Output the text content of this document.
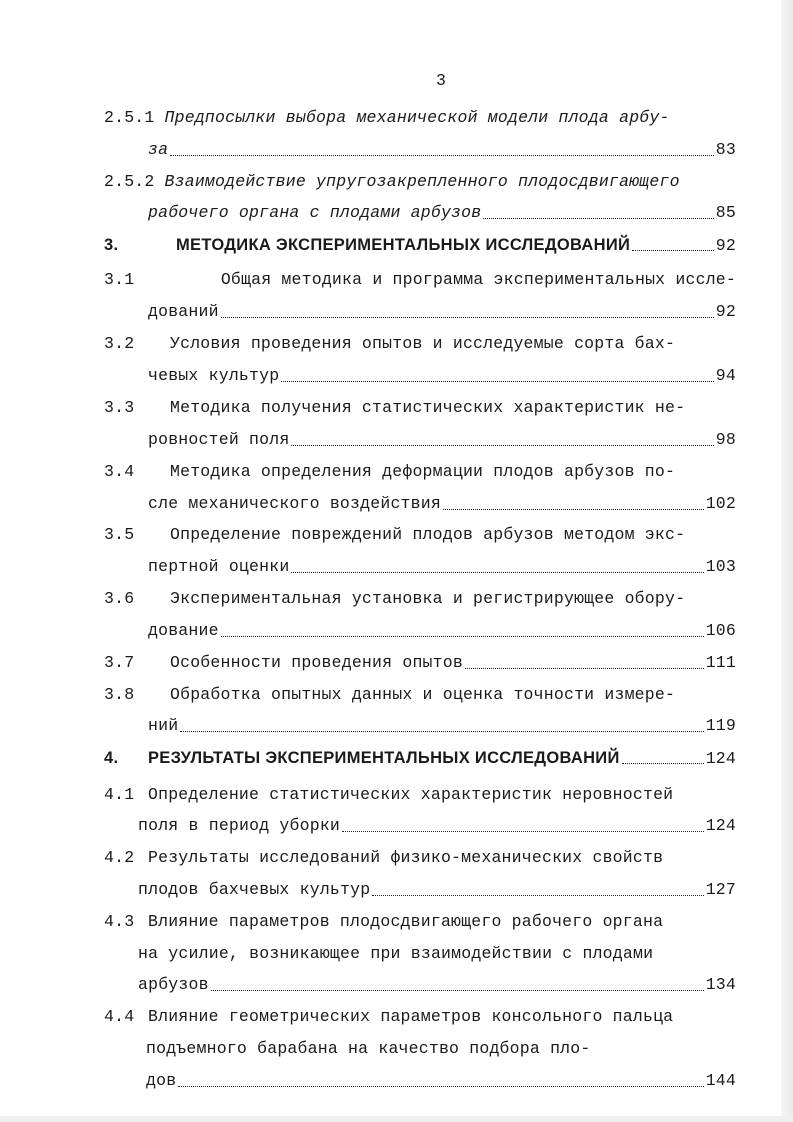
3
2.5.1 Предпосылки выбора механической модели плода арбу-
за	83
2.5.2 Взаимодействие упругозакрепленного плодосдвигающего
рабочего органа с плодами арбузов	85
3.	МЕТОДИКА ЭКСПЕРИМЕНТАЛЬНЫХ ИССЛЕДОВАНИЙ	92
3.1	Общая методика и программа экспериментальных иссле-
дований	92
3.2	Условия проведения опытов и исследуемые сорта бах-
чевых культур	94
3.3	Методика получения статистических характеристик не-
ровностей поля	98
3.4	Методика определения деформации плодов арбузов по-
сле механического воздействия	102
3.5	Определение повреждений плодов арбузов методом экс-
пертной оценки	103
3.6	Экспериментальная установка и регистрирующее обору-
дование	106
3.7	Особенности проведения опытов	111
3.8	Обработка опытных данных и оценка точности измере-
ний	119
4.	РЕЗУЛЬТАТЫ ЭКСПЕРИМЕНТАЛЬНЫХ ИССЛЕДОВАНИЙ	124
4.1 Определение статистических характеристик неровностей
поля в период уборки	124
4.2 Результаты исследований физико-механических свойств
плодов бахчевых культур	127
4.3 Влияние параметров плодосдвигающего рабочего органа
на усилие, возникающее при взаимодействии с плодами
арбузов	134
4.4 Влияние геометрических параметров консольного пальца
подъемного барабана на качество подбора пло-
дов	144
